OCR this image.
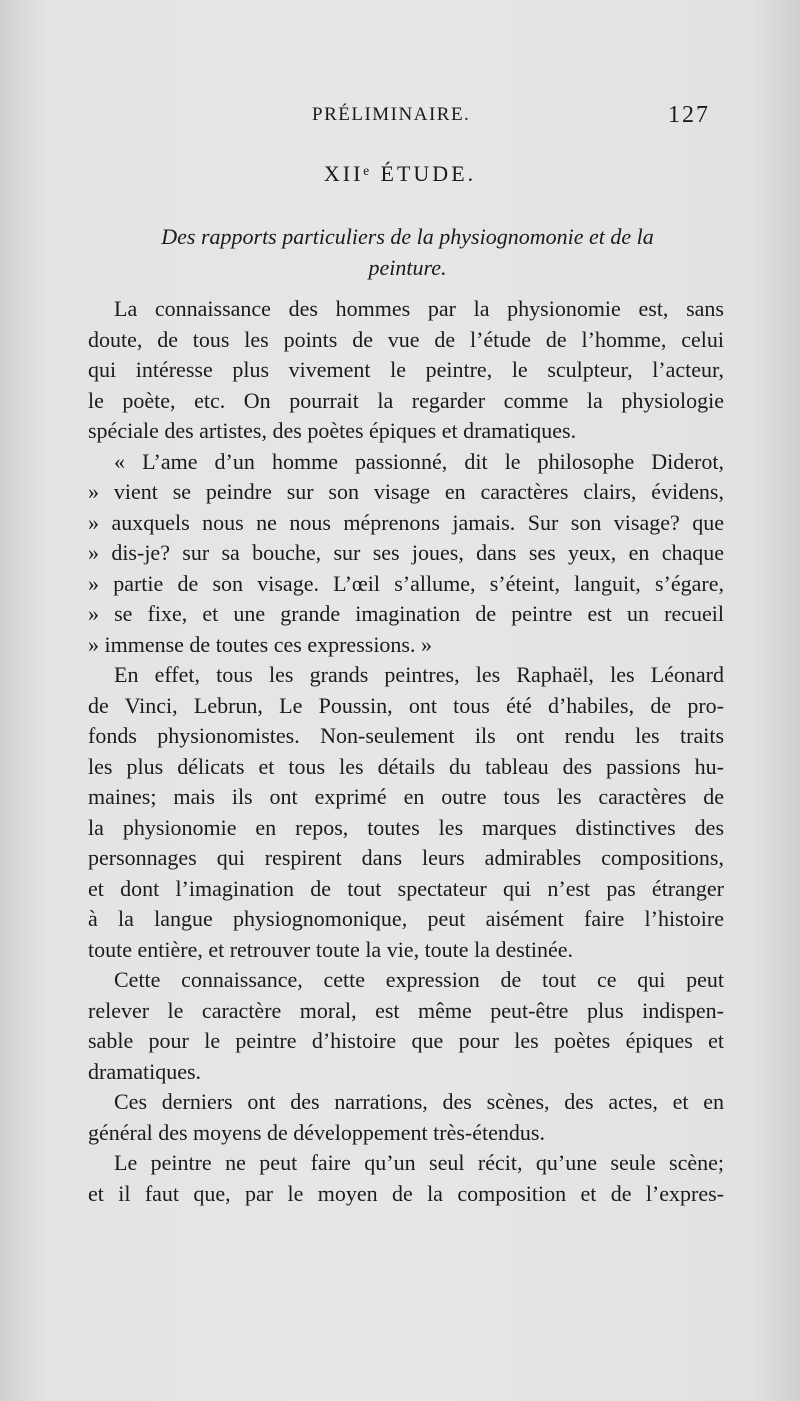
PRÉLIMINAIRE.	127
XIIᵉ ÉTUDE.
Des rapports particuliers de la physiognomonie et de la
peinture.
La connaissance des hommes par la physionomie est, sans
doute, de tous les points de vue de l’étude de l’homme, celui
qui intéresse plus vivement le peintre, le sculpteur, l’acteur,
le poète, etc. On pourrait la regarder comme la physiologie
spéciale des artistes, des poètes épiques et dramatiques.
« L’ame d’un homme passionné, dit le philosophe Diderot,
» vient se peindre sur son visage en caractères clairs, évidens,
» auxquels nous ne nous méprenons jamais. Sur son visage? que
» dis-je? sur sa bouche, sur ses joues, dans ses yeux, en chaque
» partie de son visage. L’œil s’allume, s’éteint, languit, s’égare,
» se fixe, et une grande imagination de peintre est un recueil
» immense de toutes ces expressions. »
En effet, tous les grands peintres, les Raphaël, les Léonard
de Vinci, Lebrun, Le Poussin, ont tous été d’habiles, de pro-
fonds physionomistes. Non-seulement ils ont rendu les traits
les plus délicats et tous les détails du tableau des passions hu-
maines; mais ils ont exprimé en outre tous les caractères de
la physionomie en repos, toutes les marques distinctives des
personnages qui respirent dans leurs admirables compositions,
et dont l’imagination de tout spectateur qui n’est pas étranger
à la langue physiognomonique, peut aisément faire l’histoire
toute entière, et retrouver toute la vie, toute la destinée.
Cette connaissance, cette expression de tout ce qui peut
relever le caractère moral, est même peut-être plus indispen-
sable pour le peintre d’histoire que pour les poètes épiques et
dramatiques.
Ces derniers ont des narrations, des scènes, des actes, et en
général des moyens de développement très-étendus.
Le peintre ne peut faire qu’un seul récit, qu’une seule scène;
et il faut que, par le moyen de la composition et de l’expres-
